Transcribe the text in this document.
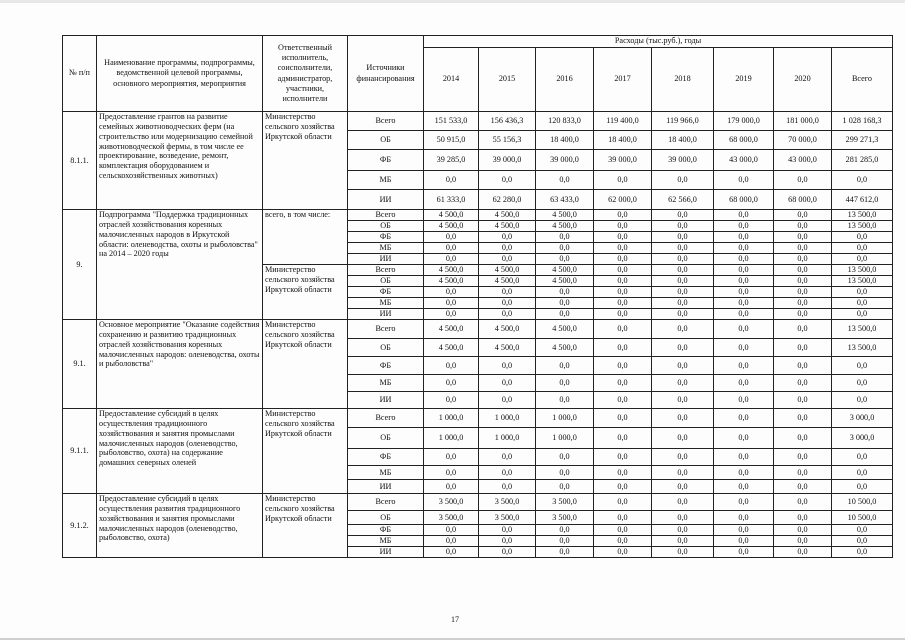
№ п/п	Наименование программы, подпрограммы, ведомственной целевой программы, основного мероприятия, мероприятия	Ответственный исполнитель, соисполнители, администратор, участники, исполнители	Источники финансирования	Расходы (тыс.руб.), годы							
				2014	2015	2016	2017	2018	2019	2020	Всего
8.1.1.	Предоставление грантов на развитие семейных животноводческих ферм (на строительство или модернизацию семейной животноводческой фермы, в том числе ее проектирование, возведение, ремонт, комплектация оборудованием и сельскохозяйственных животных)	Министерство сельского хозяйства Иркутской области	Всего	151 533,0	156 436,3	120 833,0	119 400,0	119 966,0	179 000,0	181 000,0	1 028 168,3
			ОБ	50 915,0	55 156,3	18 400,0	18 400,0	18 400,0	68 000,0	70 000,0	299 271,3
			ФБ	39 285,0	39 000,0	39 000,0	39 000,0	39 000,0	43 000,0	43 000,0	281 285,0
			МБ	0,0	0,0	0,0	0,0	0,0	0,0	0,0	0,0
			ИИ	61 333,0	62 280,0	63 433,0	62 000,0	62 566,0	68 000,0	68 000,0	447 612,0
9.	Подпрограмма "Поддержка традиционных отраслей хозяйствования коренных малочисленных народов в Иркутской области: оленеводства, охоты и рыболовства" на 2014 – 2020 годы	всего, в том числе:	Всего	4 500,0	4 500,0	4 500,0	0,0	0,0	0,0	0,0	13 500,0
			ОБ	4 500,0	4 500,0	4 500,0	0,0	0,0	0,0	0,0	13 500,0
			ФБ	0,0	0,0	0,0	0,0	0,0	0,0	0,0	0,0
			МБ	0,0	0,0	0,0	0,0	0,0	0,0	0,0	0,0
			ИИ	0,0	0,0	0,0	0,0	0,0	0,0	0,0	0,0
		Министерство сельского хозяйства Иркутской области	Всего	4 500,0	4 500,0	4 500,0	0,0	0,0	0,0	0,0	13 500,0
			ОБ	4 500,0	4 500,0	4 500,0	0,0	0,0	0,0	0,0	13 500,0
			ФБ	0,0	0,0	0,0	0,0	0,0	0,0	0,0	0,0
			МБ	0,0	0,0	0,0	0,0	0,0	0,0	0,0	0,0
			ИИ	0,0	0,0	0,0	0,0	0,0	0,0	0,0	0,0
9.1.	Основное мероприятие "Оказание содействия сохранению и развитию традиционных отраслей хозяйствования коренных малочисленных народов: оленеводства, охоты и рыболовства"	Министерство сельского хозяйства Иркутской области	Всего	4 500,0	4 500,0	4 500,0	0,0	0,0	0,0	0,0	13 500,0
			ОБ	4 500,0	4 500,0	4 500,0	0,0	0,0	0,0	0,0	13 500,0
			ФБ	0,0	0,0	0,0	0,0	0,0	0,0	0,0	0,0
			МБ	0,0	0,0	0,0	0,0	0,0	0,0	0,0	0,0
			ИИ	0,0	0,0	0,0	0,0	0,0	0,0	0,0	0,0
9.1.1.	Предоставление субсидий в целях осуществления традиционного хозяйствования и занятия промыслами малочисленных народов (оленеводство, рыболовство, охота) на содержание домашних северных оленей	Министерство сельского хозяйства Иркутской области	Всего	1 000,0	1 000,0	1 000,0	0,0	0,0	0,0	0,0	3 000,0
			ОБ	1 000,0	1 000,0	1 000,0	0,0	0,0	0,0	0,0	3 000,0
			ФБ	0,0	0,0	0,0	0,0	0,0	0,0	0,0	0,0
			МБ	0,0	0,0	0,0	0,0	0,0	0,0	0,0	0,0
			ИИ	0,0	0,0	0,0	0,0	0,0	0,0	0,0	0,0
9.1.2.	Предоставление субсидий в целях осуществления развития традиционного хозяйствования и занятия промыслами малочисленных народов (оленеводство, рыболовство, охота)	Министерство сельского хозяйства Иркутской области	Всего	3 500,0	3 500,0	3 500,0	0,0	0,0	0,0	0,0	10 500,0
			ОБ	3 500,0	3 500,0	3 500,0	0,0	0,0	0,0	0,0	10 500,0
			ФБ	0,0	0,0	0,0	0,0	0,0	0,0	0,0	0,0
			МБ	0,0	0,0	0,0	0,0	0,0	0,0	0,0	0,0
			ИИ	0,0	0,0	0,0	0,0	0,0	0,0	0,0	0,0
17
